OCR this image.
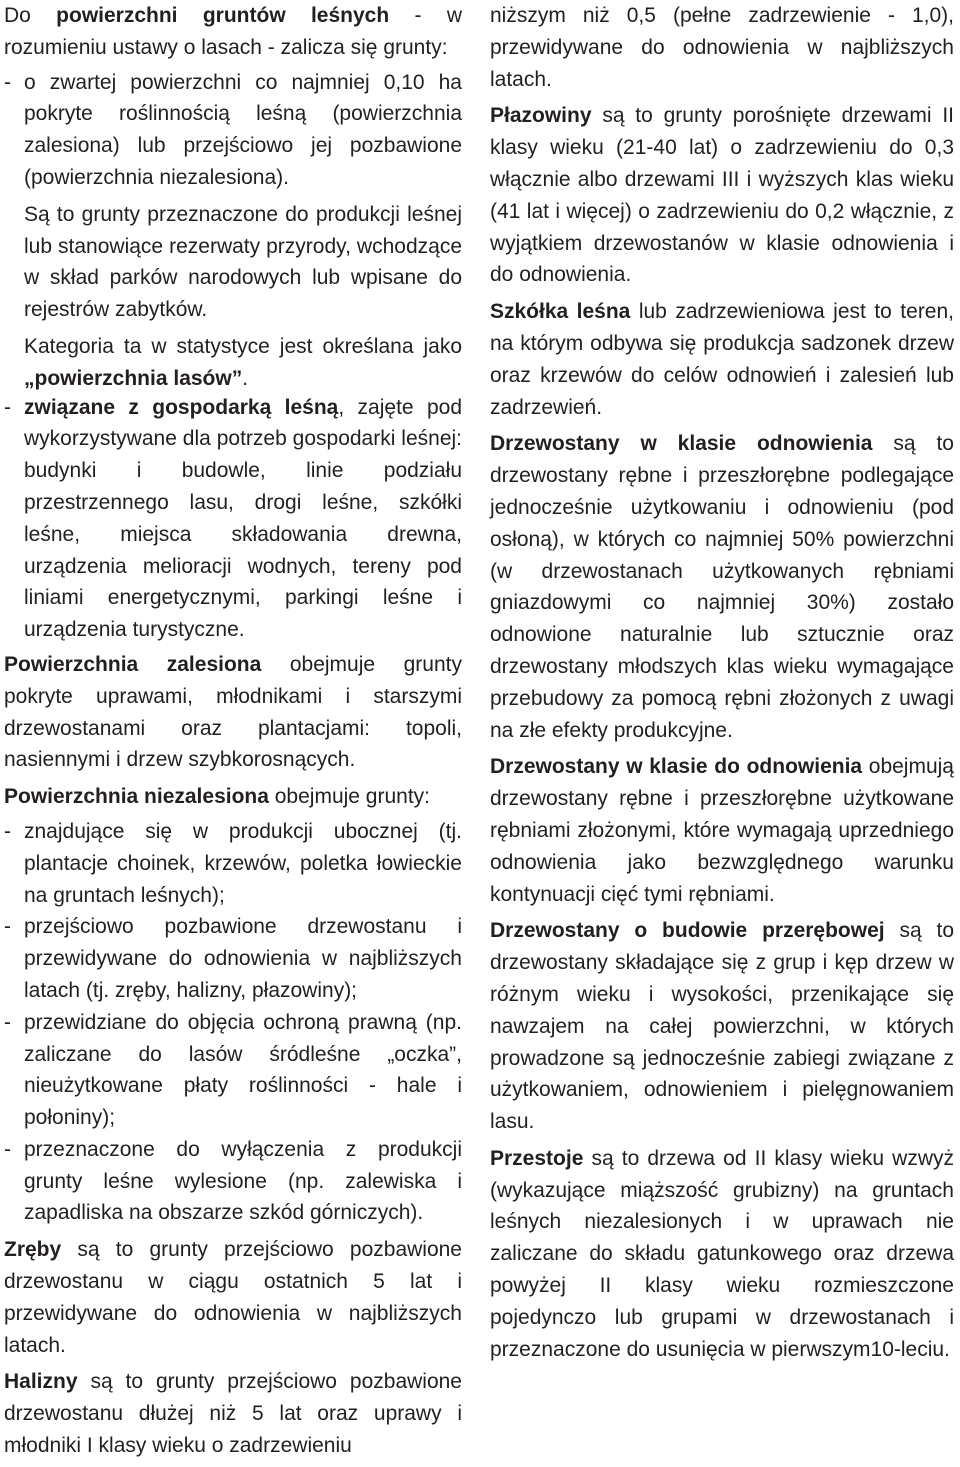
Do powierzchni gruntów leśnych - w rozumieniu ustawy o lasach - zalicza się grunty:

- o zwartej powierzchni co najmniej 0,10 ha pokryte roślinnością leśną (powierzchnia zalesiona) lub przejściowo jej pozbawione (powierzchnia niezalesiona).

Są to grunty przeznaczone do produkcji leśnej lub stanowiące rezerwaty przyrody, wchodzące w skład parków narodowych lub wpisane do rejestrów zabytków.

Kategoria ta w statystyce jest określana jako „powierzchnia lasów”.

- związane z gospodarką leśną, zajęte pod wykorzystywane dla potrzeb gospodarki leśnej: budynki i budowle, linie podziału przestrzennego lasu, drogi leśne, szkółki leśne, miejsca składowania drewna, urządzenia melioracji wodnych, tereny pod liniami energetycznymi, parkingi leśne i urządzenia turystyczne.

Powierzchnia zalesiona obejmuje grunty pokryte uprawami, młodnikami i starszymi drzewostanami oraz plantacjami: topoli, nasiennymi i drzew szybkorosnących.

Powierzchnia niezalesiona obejmuje grunty:

- znajdujące się w produkcji ubocznej (tj. plantacje choinek, krzewów, poletka łowieckie na gruntach leśnych);

- przejściowo pozbawione drzewostanu i przewidywane do odnowienia w najbliższych latach (tj. zręby, halizny, płazowiny);

- przewidziane do objęcia ochroną prawną (np. zaliczane do lasów śródleśne „oczka”, nieużytkowane płaty roślinności - hale i połoniny);

- przeznaczone do wyłączenia z produkcji grunty leśne wylesione (np. zalewiska i zapadliska na obszarze szkód górniczych).

Zręby są to grunty przejściowo pozbawione drzewostanu w ciągu ostatnich 5 lat i przewidywane do odnowienia w najbliższych latach.

Halizny są to grunty przejściowo pozbawione drzewostanu dłużej niż 5 lat oraz uprawy i młodniki I klasy wieku o zadrzewieniu

niższym niż 0,5 (pełne zadrzewienie - 1,0), przewidywane do odnowienia w najbliższych latach.

Płazowiny są to grunty porośnięte drzewami II klasy wieku (21-40 lat) o zadrzewieniu do 0,3 włącznie albo drzewami III i wyższych klas wieku (41 lat i więcej) o zadrzewieniu do 0,2 włącznie, z wyjątkiem drzewostanów w klasie odnowienia i do odnowienia.

Szkółka leśna lub zadrzewieniowa jest to teren, na którym odbywa się produkcja sadzonek drzew oraz krzewów do celów odnowień i zalesień lub zadrzewień.

Drzewostany w klasie odnowienia są to drzewostany rębne i przeszłorębne podlegające jednocześnie użytkowaniu i odnowieniu (pod osłoną), w których co najmniej 50% powierzchni (w drzewostanach użytkowanych rębniami gniazdowymi co najmniej 30%) zostało odnowione naturalnie lub sztucznie oraz drzewostany młodszych klas wieku wymagające przebudowy za pomocą rębni złożonych z uwagi na złe efekty produkcyjne.

Drzewostany w klasie do odnowienia obejmują drzewostany rębne i przeszłorębne użytkowane rębniami złożonymi, które wymagają uprzedniego odnowienia jako bezwzględnego warunku kontynuacji cięć tymi rębniami.

Drzewostany o budowie przerębowej są to drzewostany składające się z grup i kęp drzew w różnym wieku i wysokości, przenikające się nawzajem na całej powierzchni, w których prowadzone są jednocześnie zabiegi związane z użytkowaniem, odnowieniem i pielęgnowaniem lasu.

Przestoje są to drzewa od II klasy wieku wzwyż (wykazujące miąższość grubizny) na gruntach leśnych niezalesionych i w uprawach nie zaliczane do składu gatunkowego oraz drzewa powyżej II klasy wieku rozmieszczone pojedynczo lub grupami w drzewostanach i przeznaczone do usunięcia w pierwszym10-leciu.
